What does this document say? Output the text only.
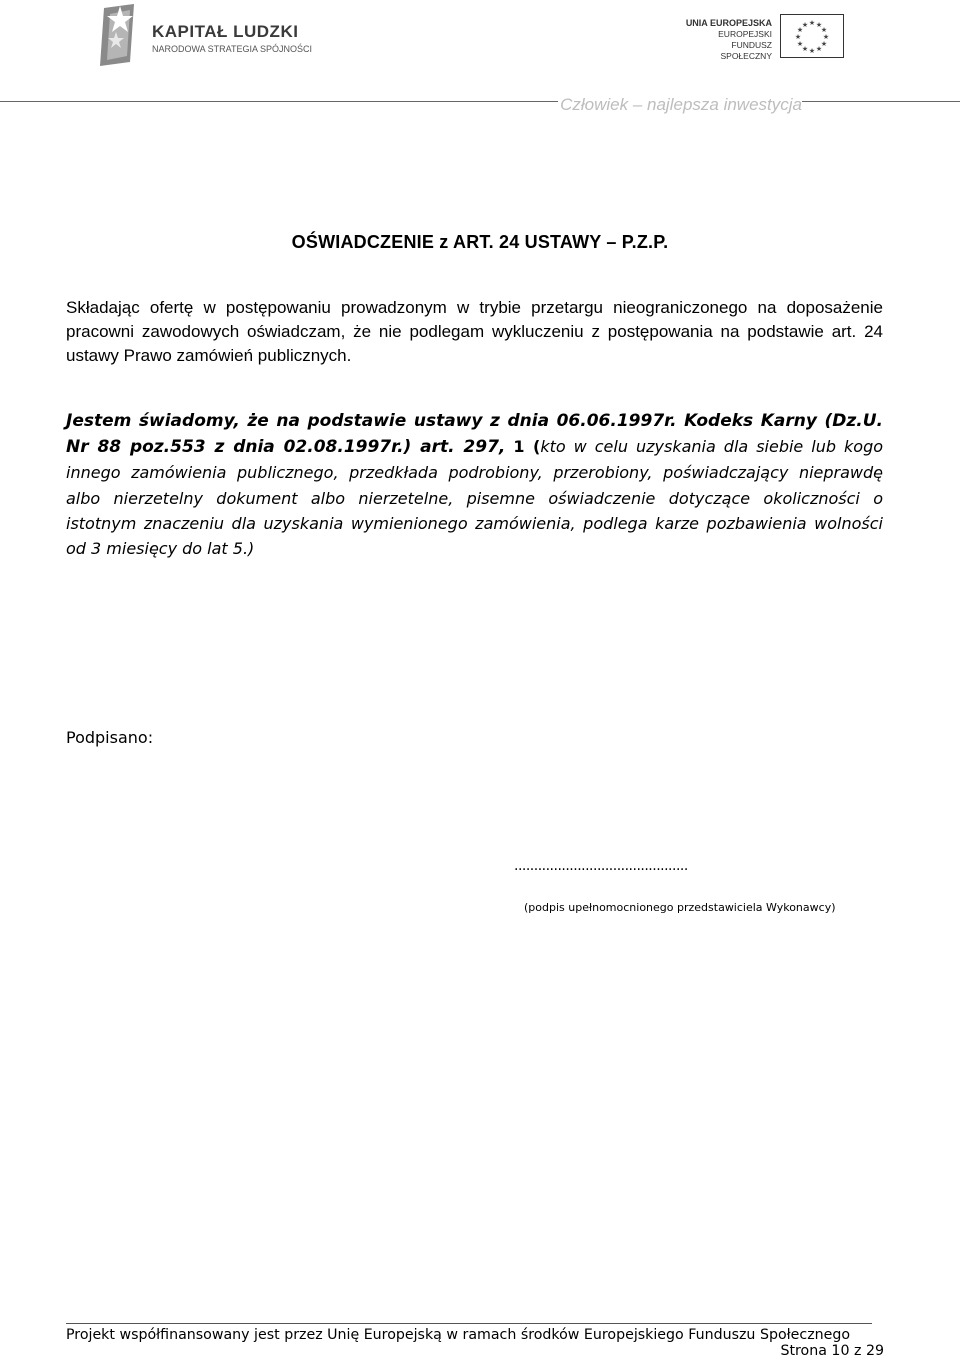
KAPITAŁ LUDZKI
NARODOWA STRATEGIA SPÓJNOŚCI
UNIA EUROPEJSKA
EUROPEJSKI
FUNDUSZ SPOŁECZNY
★ ★
★
★
★
★
★
★
★
★
★
★
Człowiek – najlepsza inwestycja
OŚWIADCZENIE z ART. 24 USTAWY – P.Z.P.
Składając ofertę w postępowaniu prowadzonym w trybie przetargu nieograniczonego na doposażenie pracowni zawodowych oświadczam, że nie podlegam wykluczeniu z postępowania na podstawie art. 24 ustawy Prawo zamówień publicznych.
Jestem świadomy, że na podstawie ustawy z dnia 06.06.1997r. Kodeks Karny (Dz.U. Nr 88 poz.553 z dnia 02.08.1997r.) art. 297, 1 (kto w celu uzyskania dla siebie lub kogo innego zamówienia publicznego, przedkłada podrobiony, przerobiony, poświadczający nieprawdę albo nierzetelny dokument albo nierzetelne, pisemne oświadczenie dotyczące okoliczności o istotnym znaczeniu dla uzyskania wymienionego zamówienia, podlega karze pozbawienia wolności od 3 miesięcy do lat 5.)
Podpisano:
............................................
(podpis upełnomocnionego przedstawiciela Wykonawcy)
Projekt współfinansowany jest przez Unię Europejską w ramach środków Europejskiego Funduszu Społecznego
Strona 10 z 29
